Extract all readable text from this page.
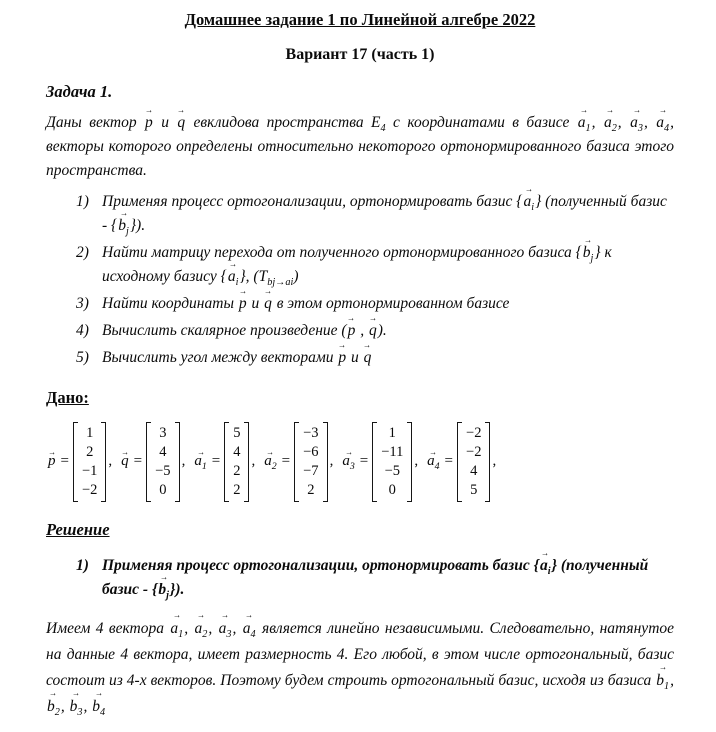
Домашнее задание 1 по Линейной алгебре 2022
Вариант 17 (часть 1)
Задача 1.
Даны вектор p → и q → евклидова пространства $E_4$ с координатами в базисе $a_1$ →, $a_2$ →, $a_3$ →, $a_4$ →, векторы которого определены относительно некоторого ортонормированного базиса этого пространства.
1) Применяя процесс ортогонализации, ортонормировать базис {$a_i$ →} (полученный базис - {$b_j$ →}).
2) Найти матрицу перехода от полученного ортонормированного базиса {$b_j$ →} к исходному базису {$a_i$ →}, $(T_{bj\to ai})$
3) Найти координаты p → и q → в этом ортонормированном базисе
4) Вычислить скалярное произведение (p → , q →).
5) Вычислить угол между векторами p → и q →
Дано:
p → =
1
2
−1
−2
, q → =
3
4
−5
0
, $a_1$ → =
5
4
2
2
, $a_2$ → =
−3
−6
−7
2
, $a_3$ → =
1
−11
−5
0
, $a_4$ → =
−2
−2
4
5
,
Решение
1) Применяя процесс ортогонализации, ортонормировать базис {$a_i$ →} (полученный базис - {$b_j$ →}).
Имеем 4 вектора $a_1$ →, $a_2$ →, $a_3$ →, $a_4$ → является линейно независимыми. Следовательно, натянутое на данные 4 вектора, имеет размерность 4. Его любой, в этом числе ортогональный, базис состоит из 4-х векторов. Поэтому будем строить ортогональный базис, исходя из базиса $b_1$ →, $b_2$ →, $b_3$ →, $b_4$ →
